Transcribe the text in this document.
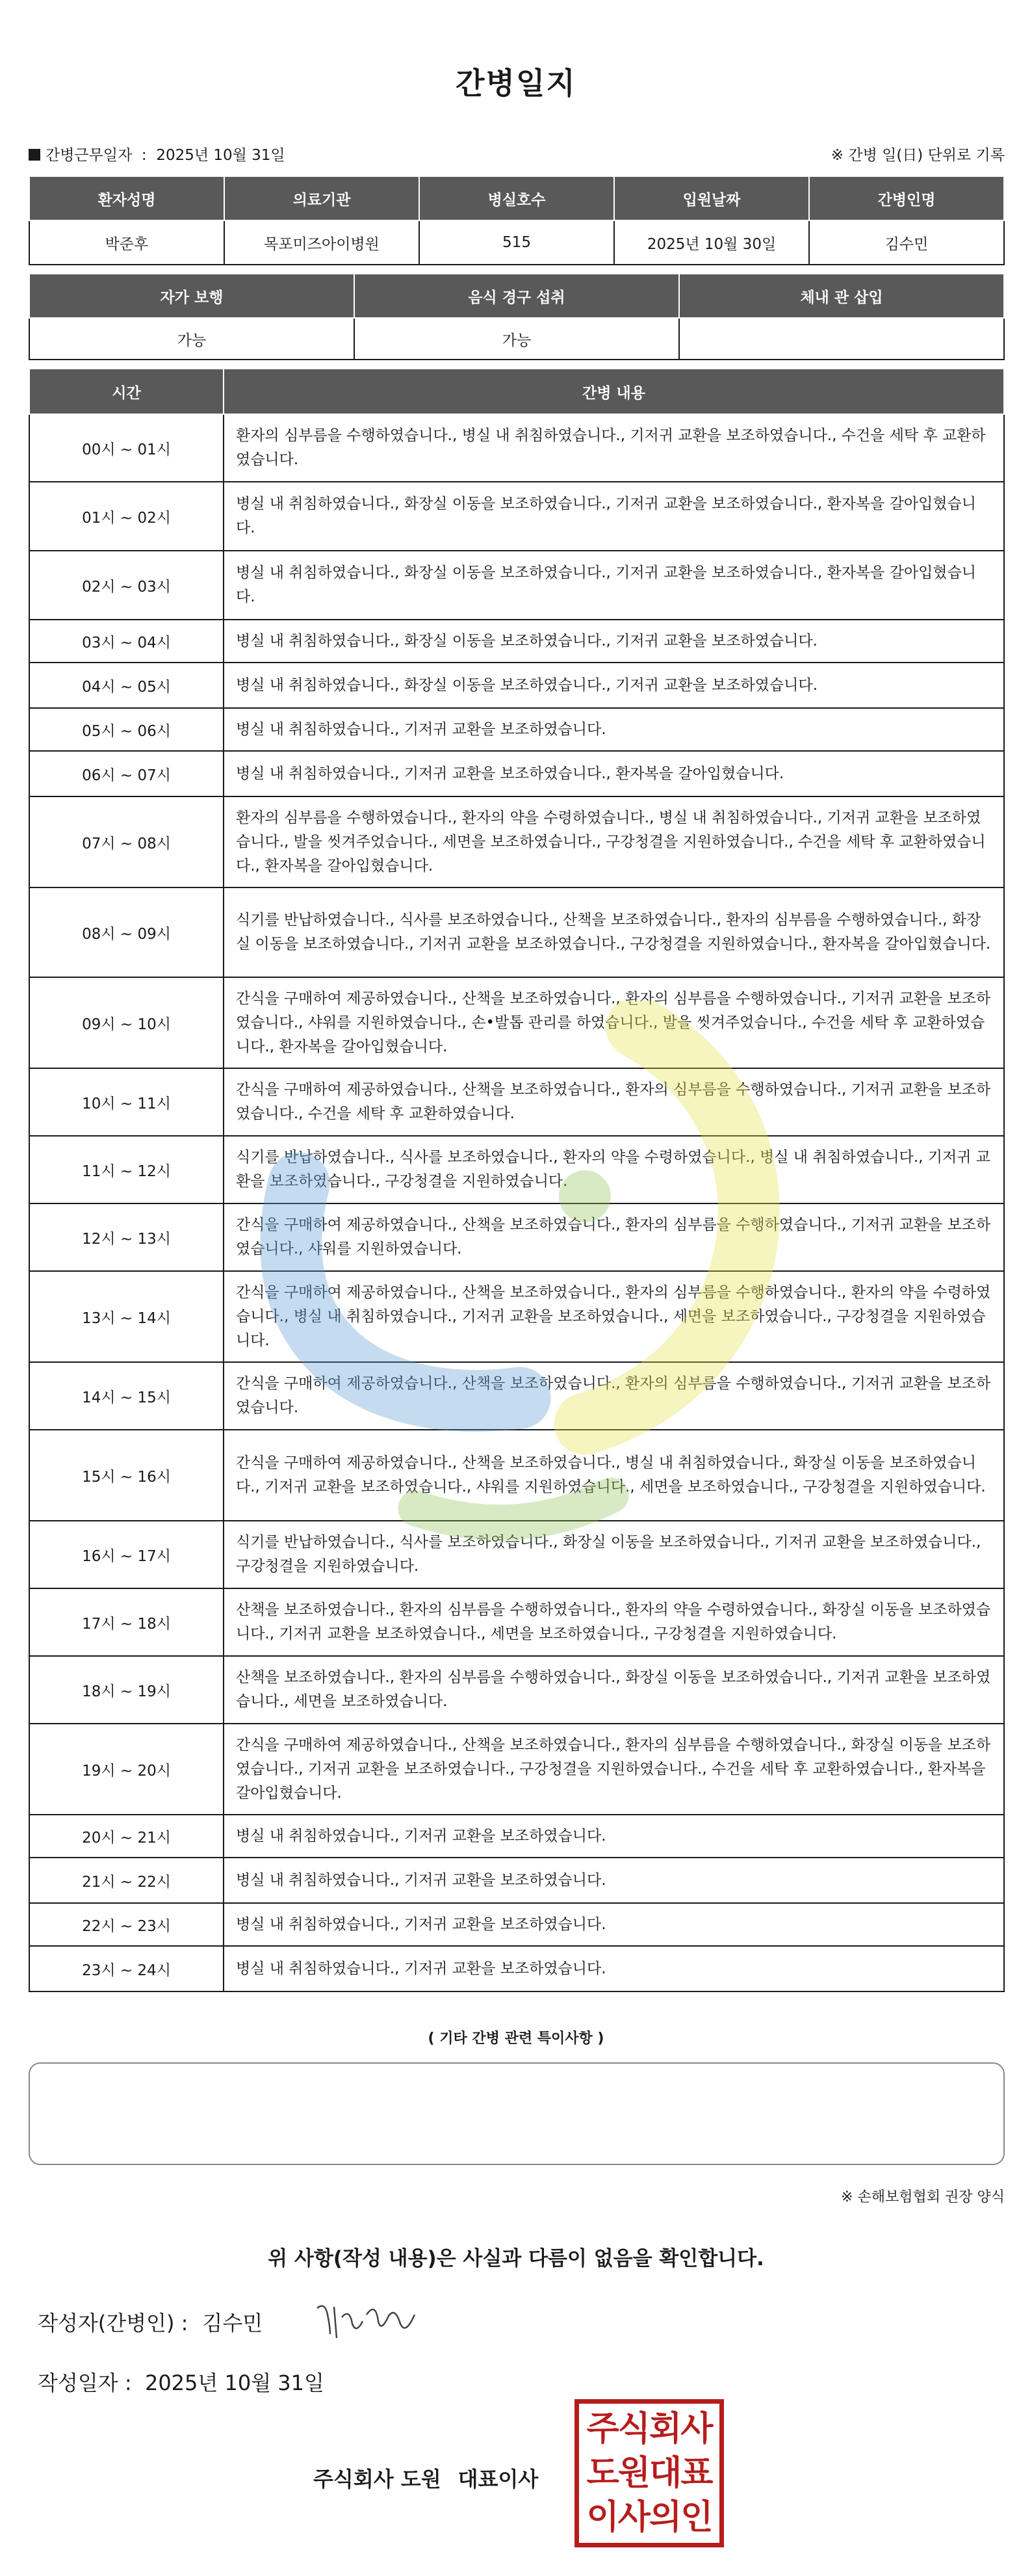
간병일지
간병근무일자  :  2025년 10월 31일	※ 간병 일(日) 단위로 기록
환자성명	의료기관	병실호수	입원날짜	간병인명
박준후	목포미즈아이병원	515	2025년 10월 30일	김수민
자가 보행	음식 경구 섭취	체내 관 삽입
가능	가능	
시간	간병 내용
00시 ~ 01시	환자의 심부름을 수행하였습니다., 병실 내 취침하였습니다., 기저귀 교환을 보조하였습니다., 수건을 세탁 후 교환하였습니다.
01시 ~ 02시	병실 내 취침하였습니다., 화장실 이동을 보조하였습니다., 기저귀 교환을 보조하였습니다., 환자복을 갈아입혔습니다.
02시 ~ 03시	병실 내 취침하였습니다., 화장실 이동을 보조하였습니다., 기저귀 교환을 보조하였습니다., 환자복을 갈아입혔습니다.
03시 ~ 04시	병실 내 취침하였습니다., 화장실 이동을 보조하였습니다., 기저귀 교환을 보조하였습니다.
04시 ~ 05시	병실 내 취침하였습니다., 화장실 이동을 보조하였습니다., 기저귀 교환을 보조하였습니다.
05시 ~ 06시	병실 내 취침하였습니다., 기저귀 교환을 보조하였습니다.
06시 ~ 07시	병실 내 취침하였습니다., 기저귀 교환을 보조하였습니다., 환자복을 갈아입혔습니다.
07시 ~ 08시	환자의 심부름을 수행하였습니다., 환자의 약을 수령하였습니다., 병실 내 취침하였습니다., 기저귀 교환을 보조하였습니다., 발을 씻겨주었습니다., 세면을 보조하였습니다., 구강청결을 지원하였습니다., 수건을 세탁 후 교환하였습니다., 환자복을 갈아입혔습니다.
08시 ~ 09시	식기를 반납하였습니다., 식사를 보조하였습니다., 산책을 보조하였습니다., 환자의 심부름을 수행하였습니다., 화장실 이동을 보조하였습니다., 기저귀 교환을 보조하였습니다., 구강청결을 지원하였습니다., 환자복을 갈아입혔습니다.
09시 ~ 10시	간식을 구매하여 제공하였습니다., 산책을 보조하였습니다., 환자의 심부름을 수행하였습니다., 기저귀 교환을 보조하였습니다., 샤워를 지원하였습니다., 손•발톱 관리를 하였습니다., 발을 씻겨주었습니다., 수건을 세탁 후 교환하였습니다., 환자복을 갈아입혔습니다.
10시 ~ 11시	간식을 구매하여 제공하였습니다., 산책을 보조하였습니다., 환자의 심부름을 수행하였습니다., 기저귀 교환을 보조하였습니다., 수건을 세탁 후 교환하였습니다.
11시 ~ 12시	식기를 반납하였습니다., 식사를 보조하였습니다., 환자의 약을 수령하였습니다., 병실 내 취침하였습니다., 기저귀 교환을 보조하였습니다., 구강청결을 지원하였습니다.
12시 ~ 13시	간식을 구매하여 제공하였습니다., 산책을 보조하였습니다., 환자의 심부름을 수행하였습니다., 기저귀 교환을 보조하였습니다., 샤워를 지원하였습니다.
13시 ~ 14시	간식을 구매하여 제공하였습니다., 산책을 보조하였습니다., 환자의 심부름을 수행하였습니다., 환자의 약을 수령하였습니다., 병실 내 취침하였습니다., 기저귀 교환을 보조하였습니다., 세면을 보조하였습니다., 구강청결을 지원하였습니다.
14시 ~ 15시	간식을 구매하여 제공하였습니다., 산책을 보조하였습니다., 환자의 심부름을 수행하였습니다., 기저귀 교환을 보조하였습니다.
15시 ~ 16시	간식을 구매하여 제공하였습니다., 산책을 보조하였습니다., 병실 내 취침하였습니다., 화장실 이동을 보조하였습니다., 기저귀 교환을 보조하였습니다., 샤워를 지원하였습니다., 세면을 보조하였습니다., 구강청결을 지원하였습니다.
16시 ~ 17시	식기를 반납하였습니다., 식사를 보조하였습니다., 화장실 이동을 보조하였습니다., 기저귀 교환을 보조하였습니다., 구강청결을 지원하였습니다.
17시 ~ 18시	산책을 보조하였습니다., 환자의 심부름을 수행하였습니다., 환자의 약을 수령하였습니다., 화장실 이동을 보조하였습니다., 기저귀 교환을 보조하였습니다., 세면을 보조하였습니다., 구강청결을 지원하였습니다.
18시 ~ 19시	산책을 보조하였습니다., 환자의 심부름을 수행하였습니다., 화장실 이동을 보조하였습니다., 기저귀 교환을 보조하였습니다., 세면을 보조하였습니다.
19시 ~ 20시	간식을 구매하여 제공하였습니다., 산책을 보조하였습니다., 환자의 심부름을 수행하였습니다., 화장실 이동을 보조하였습니다., 기저귀 교환을 보조하였습니다., 구강청결을 지원하였습니다., 수건을 세탁 후 교환하였습니다., 환자복을 갈아입혔습니다.
20시 ~ 21시	병실 내 취침하였습니다., 기저귀 교환을 보조하였습니다.
21시 ~ 22시	병실 내 취침하였습니다., 기저귀 교환을 보조하였습니다.
22시 ~ 23시	병실 내 취침하였습니다., 기저귀 교환을 보조하였습니다.
23시 ~ 24시	병실 내 취침하였습니다., 기저귀 교환을 보조하였습니다.
( 기타 간병 관련 특이사항 )
※ 손해보험협회 권장 양식
위 사항(작성 내용)은 사실과 다름이 없음을 확인합니다.
작성자(간병인) : 김수민
작성일자 : 2025년 10월 31일
주식회사 도원 대표이사
주식회사
도원대표
이사의인
